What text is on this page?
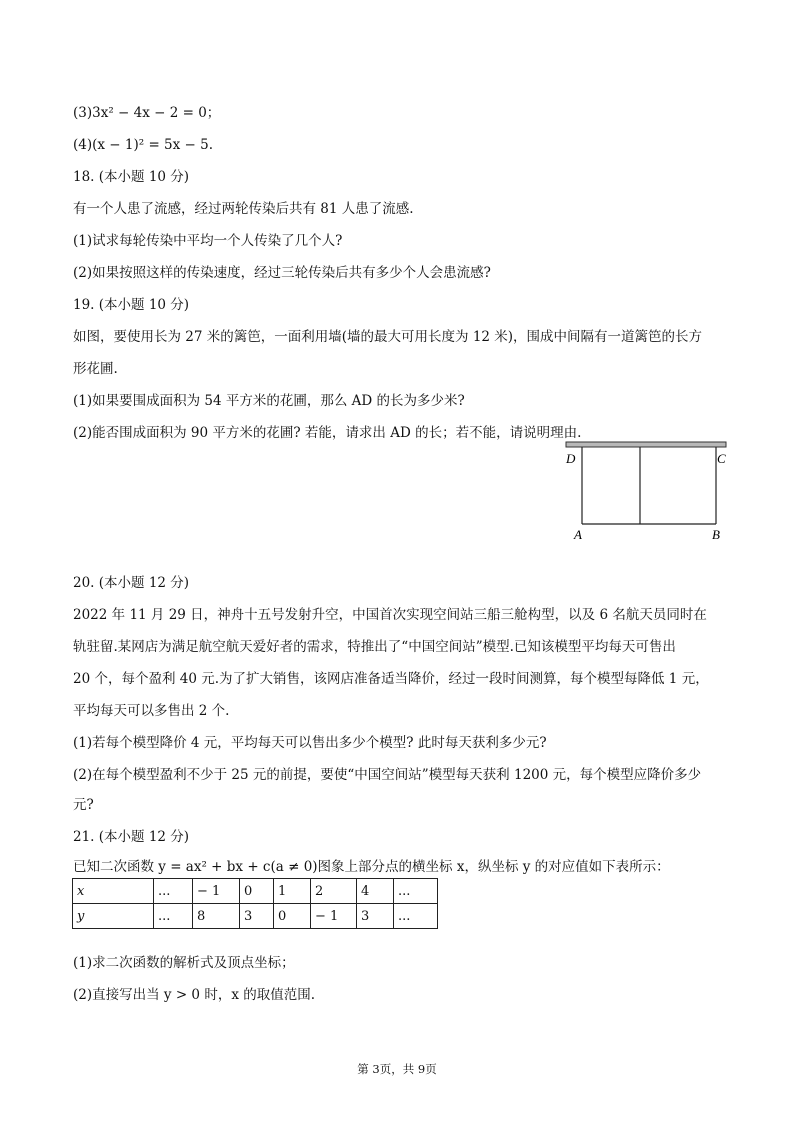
(3)3x² − 4x − 2 = 0；
(4)(x − 1)² = 5x − 5.
18. (本小题 10 分)
有一个人患了流感，经过两轮传染后共有 81 人患了流感.
(1)试求每轮传染中平均一个人传染了几个人?
(2)如果按照这样的传染速度，经过三轮传染后共有多少个人会患流感?
19. (本小题 10 分)
如图，要使用长为 27 米的篱笆，一面利用墙(墙的最大可用长度为 12 米)，围成中间隔有一道篱笆的长方
形花圃.
(1)如果要围成面积为 54 平方米的花圃，那么 AD 的长为多少米?
(2)能否围成面积为 90 平方米的花圃? 若能，请求出 AD 的长；若不能，请说明理由.
D	C
A	B
20. (本小题 12 分)
2022 年 11 月 29 日，神舟十五号发射升空，中国首次实现空间站三船三舱构型，以及 6 名航天员同时在
轨驻留.某网店为满足航空航天爱好者的需求，特推出了“中国空间站”模型.已知该模型平均每天可售出
20 个，每个盈利 40 元.为了扩大销售，该网店准备适当降价，经过一段时间测算，每个模型每降低 1 元，
平均每天可以多售出 2 个.
(1)若每个模型降价 4 元，平均每天可以售出多少个模型? 此时每天获利多少元?
(2)在每个模型盈利不少于 25 元的前提，要使“中国空间站”模型每天获利 1200 元，每个模型应降价多少
元?
21. (本小题 12 分)
已知二次函数 y = ax² + bx + c(a ≠ 0)图象上部分点的横坐标 x，纵坐标 y 的对应值如下表所示：
x	...	− 1	0	1	2	4	...
y	...	8	3	0	− 1	3	...
(1)求二次函数的解析式及顶点坐标；
(2)直接写出当 y > 0 时，x 的取值范围.
第 3页，共 9页
